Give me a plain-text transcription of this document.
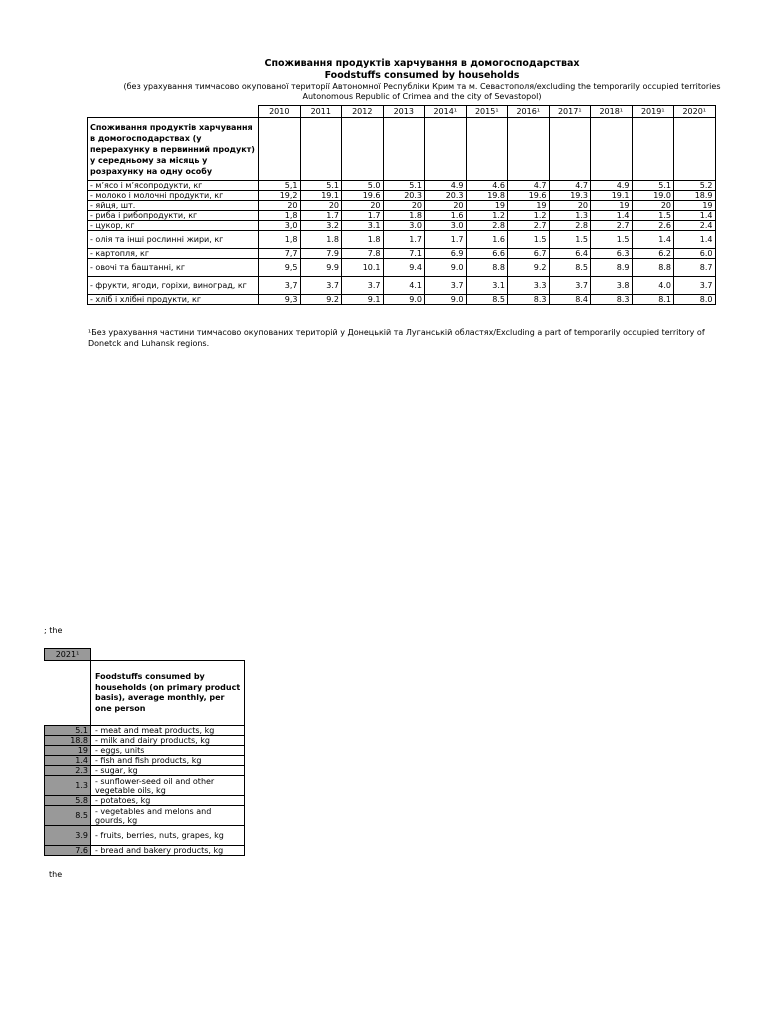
Споживання продуктів харчування в домогосподарствах
Foodstuffs consumed by households
(без урахування тимчасово окупованої території Автономної Республіки Крим та м. Севастополя/excluding the temporarily occupied territories
Autonomous Republic of Crimea and the city of Sevastopol)
	2010	2011	2012	2013	2014¹	2015¹	2016¹	2017¹	2018¹	2019¹	2020¹
Споживання продуктів харчування в домогосподарствах (у перерахунку в первинний продукт) у середньому за місяць у розрахунку на одну особу											
- м’ясо і м’ясопродукти, кг	5,1	5.1	5.0	5.1	4.9	4.6	4.7	4.7	4.9	5.1	5.2
- молоко і молочні продукти, кг	19,2	19.1	19.6	20.3	20.3	19.8	19.6	19.3	19.1	19.0	18.9
- яйця, шт.	20	20	20	20	20	19	19	20	19	20	19
- риба і рибопродукти, кг	1,8	1.7	1.7	1.8	1.6	1.2	1.2	1.3	1.4	1.5	1.4
- цукор, кг	3,0	3.2	3.1	3.0	3.0	2.8	2.7	2.8	2.7	2.6	2.4
- олія та інші рослинні жири, кг	1,8	1.8	1.8	1.7	1.7	1.6	1.5	1.5	1.5	1.4	1.4
- картопля, кг	7,7	7.9	7.8	7.1	6.9	6.6	6.7	6.4	6.3	6.2	6.0
- овочі та баштанні, кг	9,5	9.9	10.1	9.4	9.0	8.8	9.2	8.5	8.9	8.8	8.7
- фрукти, ягоди, горіхи, виноград, кг	3,7	3.7	3.7	4.1	3.7	3.1	3.3	3.7	3.8	4.0	3.7
- хліб і хлібні продукти, кг	9,3	9.2	9.1	9.0	9.0	8.5	8.3	8.4	8.3	8.1	8.0
¹Без урахування частини тимчасово окупованих територій у Донецькій та Луганській областях/Excluding a part of temporarily occupied territory of
Donetck and Luhansk regions.
; the
2021¹	
	Foodstuffs consumed by households (on primary product basis), average monthly, per one person
5.1	- meat and meat products, kg
18.8	- milk and dairy products, kg
19	- eggs, units
1.4	- fish and fish products, kg
2.3	- sugar, kg
1.3	- sunflower-seed oil and other vegetable oils, kg
5.8	- potatoes, kg
8.5	- vegetables and melons and gourds, kg
3.9	- fruits, berries, nuts, grapes, kg
7.6	- bread and bakery products, kg
the
